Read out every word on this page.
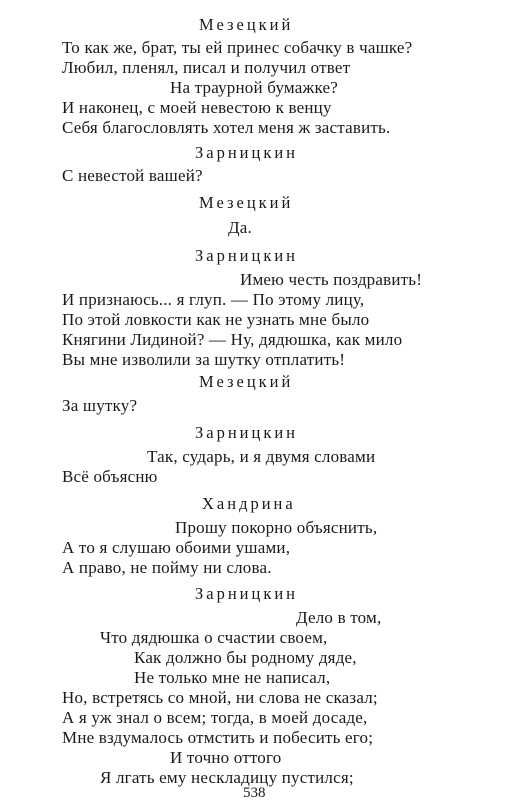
Мезецкий
То как же, брат, ты ей принес собачку в чашке?
Любил, пленял, писал и получил ответ
На траурной бумажке?
И наконец, с моей невестою к венцу
Себя благословлять хотел меня ж заставить.
Зарницкин
С невестой вашей?
Мезецкий
Да.
Зарницкин
Имею честь поздравить!
И признаюсь... я глуп. — По этому лицу,
По этой ловкости как не узнать мне было
Княгини Лидиной? — Ну, дядюшка, как мило
Вы мне изволили за шутку отплатить!
Мезецкий
За шутку?
Зарницкин
Так, сударь, и я двумя словами
Всё объясню
Хандрина
Прошу покорно объяснить,
А то я слушаю обоими ушами,
А право, не пойму ни слова.
Зарницкин
Дело в том,
Что дядюшка о счастии своем,
Как должно бы родному дяде,
Не только мне не написал,
Но, встретясь со мной, ни слова не сказал;
А я уж знал о всем; тогда, в моей досаде,
Мне вздумалось отмстить и побесить его;
И точно оттого
Я лгать ему нескладицу пустился;
538
